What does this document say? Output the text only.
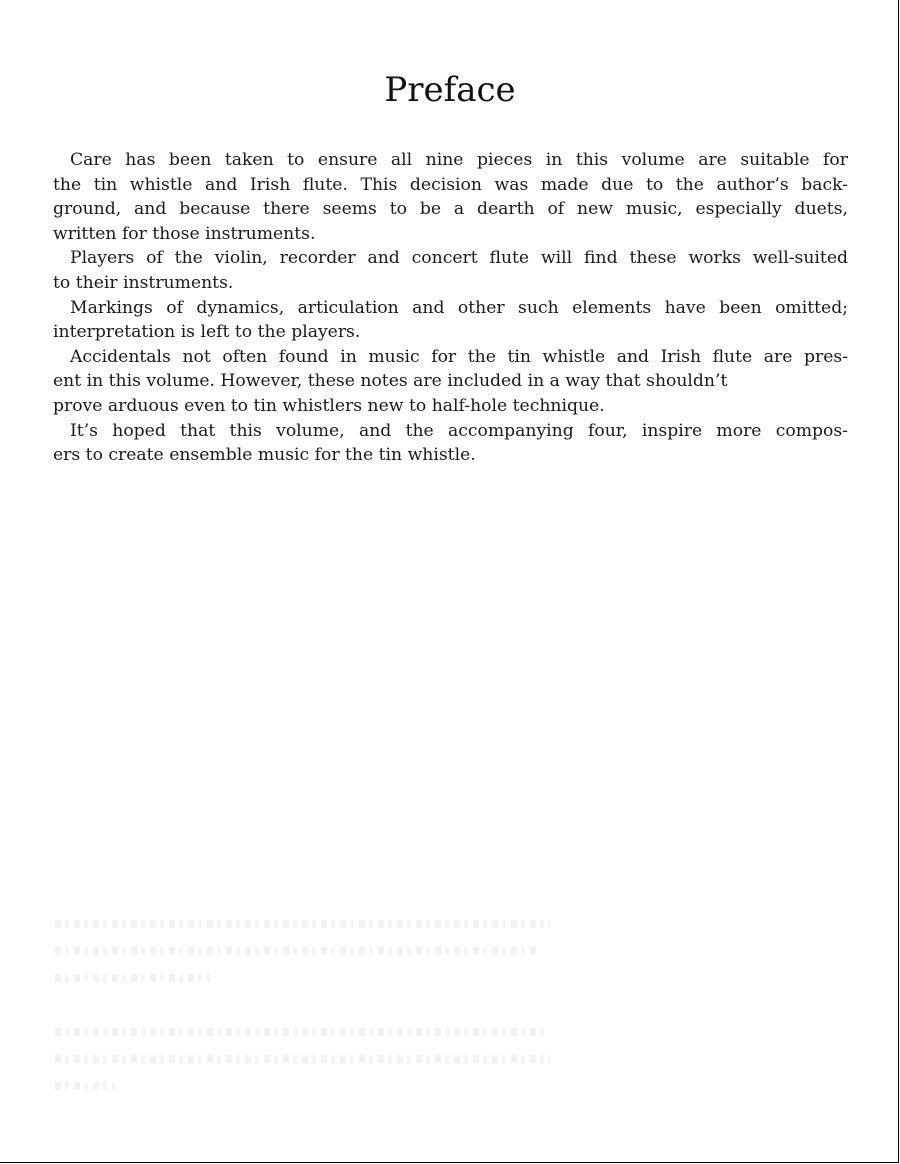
Preface
Care has been taken to ensure all nine pieces in this volume are suitable for
the tin whistle and Irish flute. This decision was made due to the author’s back-
ground, and because there seems to be a dearth of new music, especially duets,
written for those instruments.
Players of the violin, recorder and concert flute will find these works well-suited
to their instruments.
Markings of dynamics, articulation and other such elements have been omitted;
interpretation is left to the players.
Accidentals not often found in music for the tin whistle and Irish flute are pres-
ent in this volume. However, these notes are included in a way that shouldn’t
prove arduous even to tin whistlers new to half-hole technique.
It’s hoped that this volume, and the accompanying four, inspire more compos-
ers to create ensemble music for the tin whistle.
